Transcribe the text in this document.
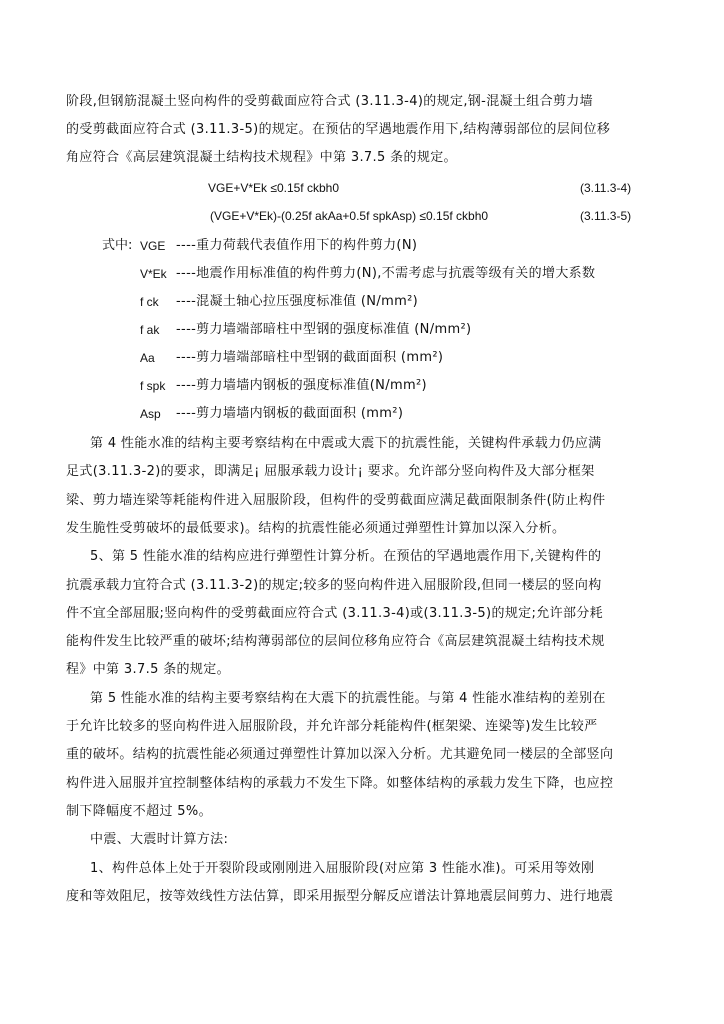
阶段,但钢筋混凝土竖向构件的受剪截面应符合式 (3.11.3-4)的规定,钢-混凝土组合剪力墙
的受剪截面应符合式 (3.11.3-5)的规定。在预估的罕遇地震作用下,结构薄弱部位的层间位移
角应符合《高层建筑混凝土结构技术规程》中第 3.7.5 条的规定。
VGE+V*Ek ≤0.15f ckbh0	(3.11.3-4)
(VGE+V*Ek)-(0.25f akAa+0.5f spkAsp) ≤0.15f ckbh0	(3.11.3-5)
式中: VGE ----重力荷载代表值作用下的构件剪力(N)
V*Ek ----地震作用标准值的构件剪力(N),不需考虑与抗震等级有关的增大系数
f ck ----混凝土轴心拉压强度标准值 (N/mm²)
f ak ----剪力墙端部暗柱中型钢的强度标准值 (N/mm²)
Aa ----剪力墙端部暗柱中型钢的截面面积 (mm²)
f spk ----剪力墙墙内钢板的强度标准值(N/mm²)
Asp ----剪力墙墙内钢板的截面面积 (mm²)
第 4 性能水准的结构主要考察结构在中震或大震下的抗震性能，关键构件承载力仍应满
足式(3.11.3-2)的要求，即满足¡ 屈服承载力设计¡ 要求。允许部分竖向构件及大部分框架
梁、剪力墙连梁等耗能构件进入屈服阶段，但构件的受剪截面应满足截面限制条件(防止构件
发生脆性受剪破坏的最低要求)。结构的抗震性能必须通过弹塑性计算加以深入分析。
5、第 5 性能水准的结构应进行弹塑性计算分析。在预估的罕遇地震作用下,关键构件的
抗震承载力宜符合式 (3.11.3-2)的规定;较多的竖向构件进入屈服阶段,但同一楼层的竖向构
件不宜全部屈服;竖向构件的受剪截面应符合式 (3.11.3-4)或(3.11.3-5)的规定;允许部分耗
能构件发生比较严重的破坏;结构薄弱部位的层间位移角应符合《高层建筑混凝土结构技术规
程》中第 3.7.5 条的规定。
第 5 性能水准的结构主要考察结构在大震下的抗震性能。与第 4 性能水准结构的差别在
于允许比较多的竖向构件进入屈服阶段，并允许部分耗能构件(框架梁、连梁等)发生比较严
重的破坏。结构的抗震性能必须通过弹塑性计算加以深入分析。尤其避免同一楼层的全部竖向
构件进入屈服并宜控制整体结构的承载力不发生下降。如整体结构的承载力发生下降，也应控
制下降幅度不超过 5%。
中震、大震时计算方法:
1、构件总体上处于开裂阶段或刚刚进入屈服阶段(对应第 3 性能水准)。可采用等效刚
度和等效阻尼，按等效线性方法估算，即采用振型分解反应谱法计算地震层间剪力、进行地震
